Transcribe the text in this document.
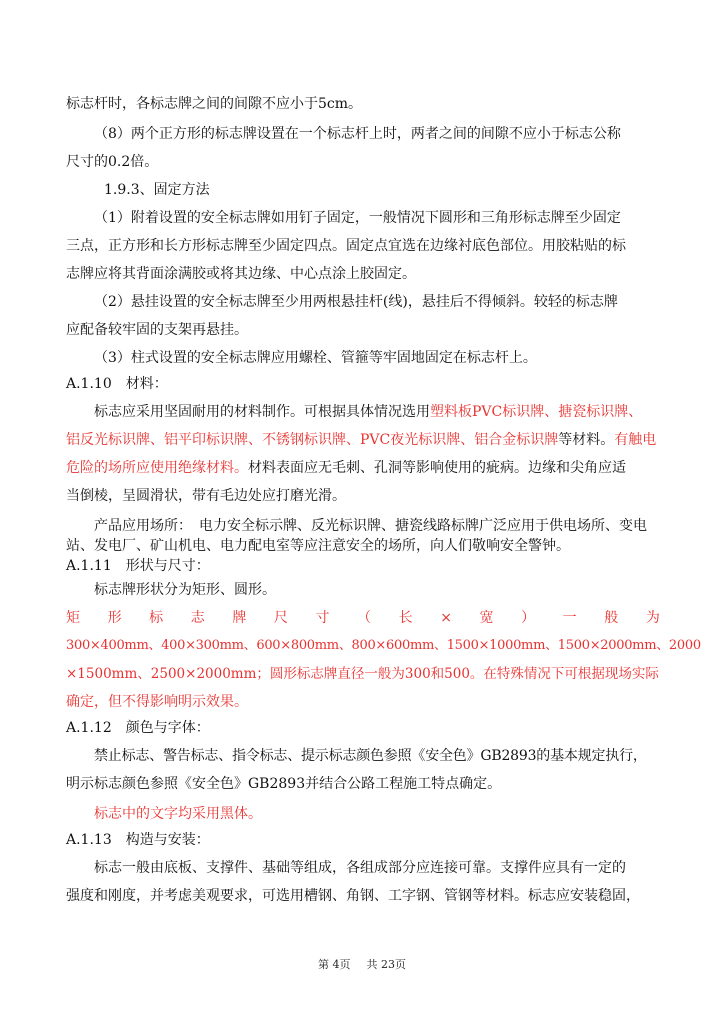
标志杆时，各标志牌之间的间隙不应小于5cm。
（8）两个正方形的标志牌设置在一个标志杆上时，两者之间的间隙不应小于标志公称
尺寸的0.2倍。
1.9.3、固定方法
（1）附着设置的安全标志牌如用钉子固定，一般情况下圆形和三角形标志牌至少固定
三点，正方形和长方形标志牌至少固定四点。固定点宜选在边缘衬底色部位。用胶粘贴的标
志牌应将其背面涂满胶或将其边缘、中心点涂上胶固定。
（2）悬挂设置的安全标志牌至少用两根悬挂杆(线)，悬挂后不得倾斜。较轻的标志牌
应配备较牢固的支架再悬挂。
（3）柱式设置的安全标志牌应用螺栓、管箍等牢固地固定在标志杆上。
A.1.10　材料：
标志应采用坚固耐用的材料制作。可根据具体情况选用塑料板PVC标识牌、搪瓷标识牌、
铝反光标识牌、铝平印标识牌、不锈钢标识牌、PVC夜光标识牌、铝合金标识牌等材料。有触电
危险的场所应使用绝缘材料。材料表面应无毛刺、孔洞等影响使用的疵病。边缘和尖角应适
当倒棱，呈圆滑状，带有毛边处应打磨光滑。
产品应用场所：　电力安全标示牌、反光标识牌、搪瓷线路标牌广泛应用于供电场所、变电
站、发电厂、矿山机电、电力配电室等应注意安全的场所，向人们敬响安全警钟。
A.1.11　形状与尺寸：
标志牌形状分为矩形、圆形。
矩 形 标 志 牌 尺 寸 （ 长 × 宽 ） 一 般 为
300×400mm、400×300mm、600×800mm、800×600mm、1500×1000mm、1500×2000mm、2000
×1500mm、2500×2000mm；圆形标志牌直径一般为300和500。在特殊情况下可根据现场实际
确定，但不得影响明示效果。
A.1.12　颜色与字体：
禁止标志、警告标志、指令标志、提示标志颜色参照《安全色》GB2893的基本规定执行，
明示标志颜色参照《安全色》GB2893并结合公路工程施工特点确定。
标志中的文字均采用黑体。
A.1.13　构造与安装：
标志一般由底板、支撑件、基础等组成，各组成部分应连接可靠。支撑件应具有一定的
强度和刚度，并考虑美观要求，可选用槽钢、角钢、工字钢、管钢等材料。标志应安装稳固，
第 4页 共 23页
